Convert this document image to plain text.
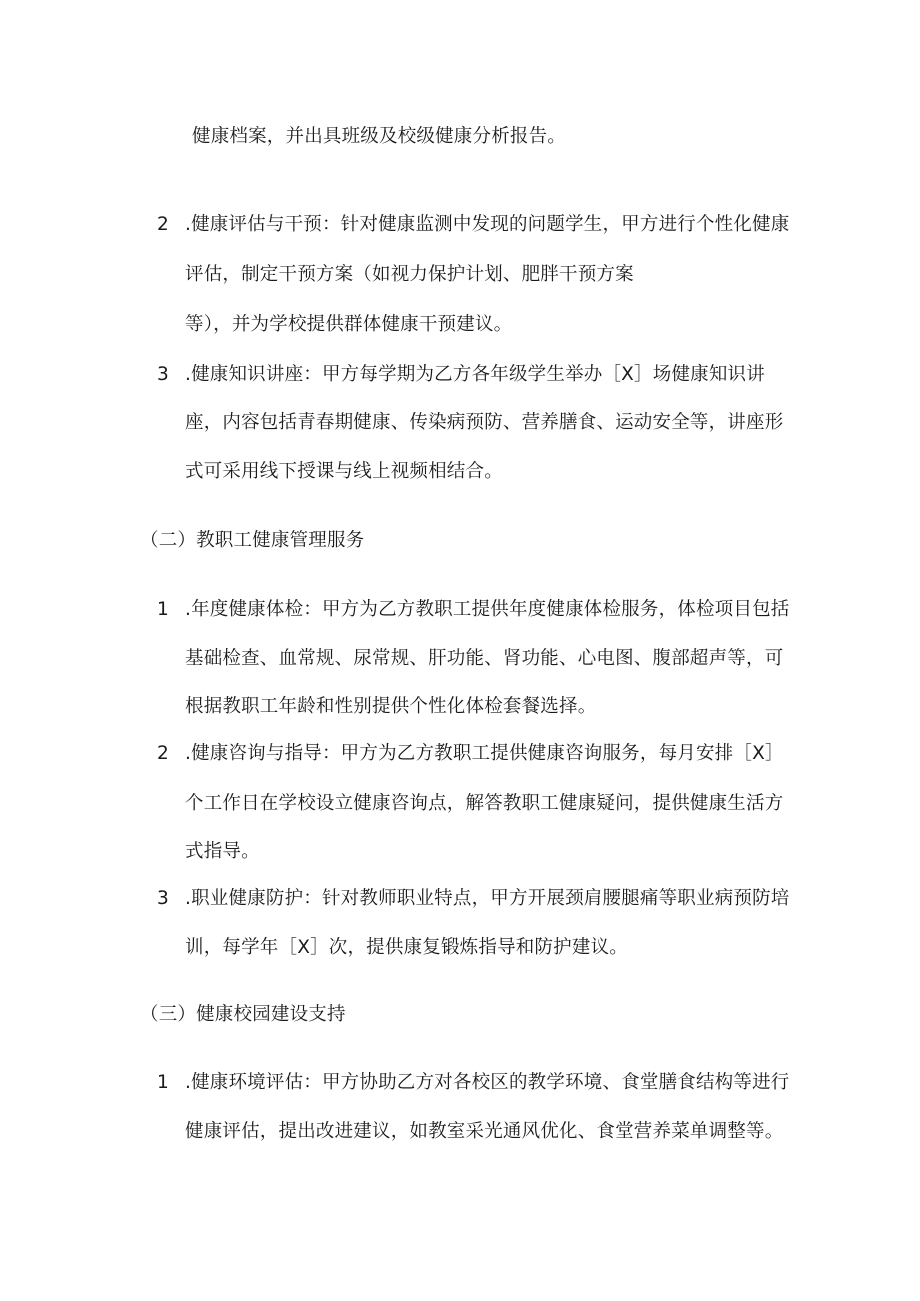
健康档案，并出具班级及校级健康分析报告。
2 .健康评估与干预：针对健康监测中发现的问题学生，甲方进行个性化健康
评估，制定干预方案（如视力保护计划、肥胖干预方案
等），并为学校提供群体健康干预建议。
3 .健康知识讲座：甲方每学期为乙方各年级学生举办［X］场健康知识讲
座，内容包括青春期健康、传染病预防、营养膳食、运动安全等，讲座形
式可采用线下授课与线上视频相结合。
（二）教职工健康管理服务
1 .年度健康体检：甲方为乙方教职工提供年度健康体检服务，体检项目包括
基础检查、血常规、尿常规、肝功能、肾功能、心电图、腹部超声等，可
根据教职工年龄和性别提供个性化体检套餐选择。
2 .健康咨询与指导：甲方为乙方教职工提供健康咨询服务，每月安排［X］
个工作日在学校设立健康咨询点，解答教职工健康疑问，提供健康生活方
式指导。
3 .职业健康防护：针对教师职业特点，甲方开展颈肩腰腿痛等职业病预防培
训，每学年［X］次，提供康复锻炼指导和防护建议。
（三）健康校园建设支持
1 .健康环境评估：甲方协助乙方对各校区的教学环境、食堂膳食结构等进行
健康评估，提出改进建议，如教室采光通风优化、食堂营养菜单调整等。
